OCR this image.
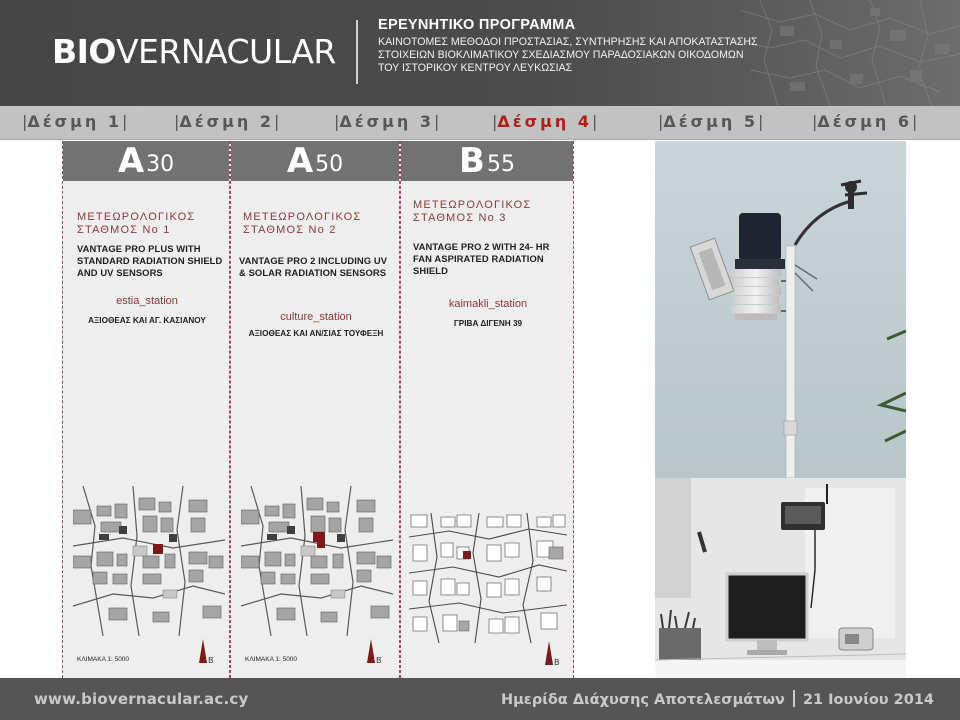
BIOVERNACULAR
ΕΡΕΥΝΗΤΙΚΟ ΠΡΟΓΡΑΜΜΑ
ΚΑΙΝΟΤΟΜΕΣ ΜΕΘΟΔΟΙ ΠΡΟΣΤΑΣΙΑΣ, ΣΥΝΤΗΡΗΣΗΣ ΚΑΙ ΑΠΟΚΑΤΑΣΤΑΣΗΣ
ΣΤΟΙΧΕΙΩΝ ΒΙΟΚΛΙΜΑΤΙΚΟΥ ΣΧΕΔΙΑΣΜΟΥ ΠΑΡΑΔΟΣΙΑΚΩΝ ΟΙΚΟΔΟΜΩΝ
ΤΟΥ ΙΣΤΟΡΙΚΟΥ ΚΕΝΤΡΟΥ ΛΕΥΚΩΣΙΑΣ
|Δέσμη 1|	|Δέσμη 2|	|Δέσμη 3|	|Δέσμη 4|	|Δέσμη 5|	|Δέσμη 6|
A 30
ΜΕΤΕΩΡΟΛΟΓΙΚΟΣ
ΣΤΑΘΜΟΣ Νο 1
VANTAGE PRO PLUS WITH
STANDARD RADIATION SHIELD
AND UV SENSORS
estia_station
ΑΞΙΟΘΕΑΣ ΚΑΙ ΑΓ. ΚΑΣΙΑΝΟΥ
ΚΛΙΜΑΚΑ 1: 5000	B
A 50
ΜΕΤΕΩΡΟΛΟΓΙΚΟΣ
ΣΤΑΘΜΟΣ Νο 2
VANTAGE PRO 2 INCLUDING UV
& SOLAR RADIATION SENSORS
culture_station
ΑΞΙΟΘΕΑΣ ΚΑΙ ΑΝ/ΣΙΑΣ ΤΟΥΦΕΞΗ
ΚΛΙΜΑΚΑ 1: 5000	B
B 55
ΜΕΤΕΩΡΟΛΟΓΙΚΟΣ
ΣΤΑΘΜΟΣ Νο 3
VANTAGE PRO 2 WITH 24- HR
FAN ASPIRATED RADIATION
SHIELD
kaimakli_station
ΓΡΙΒΑ ΔΙΓΕΝΗ 39
B
www.biovernacular.ac.cy	Ημερίδα Διάχυσης Αποτελεσμάτων 21 Ιουνίου 2014
